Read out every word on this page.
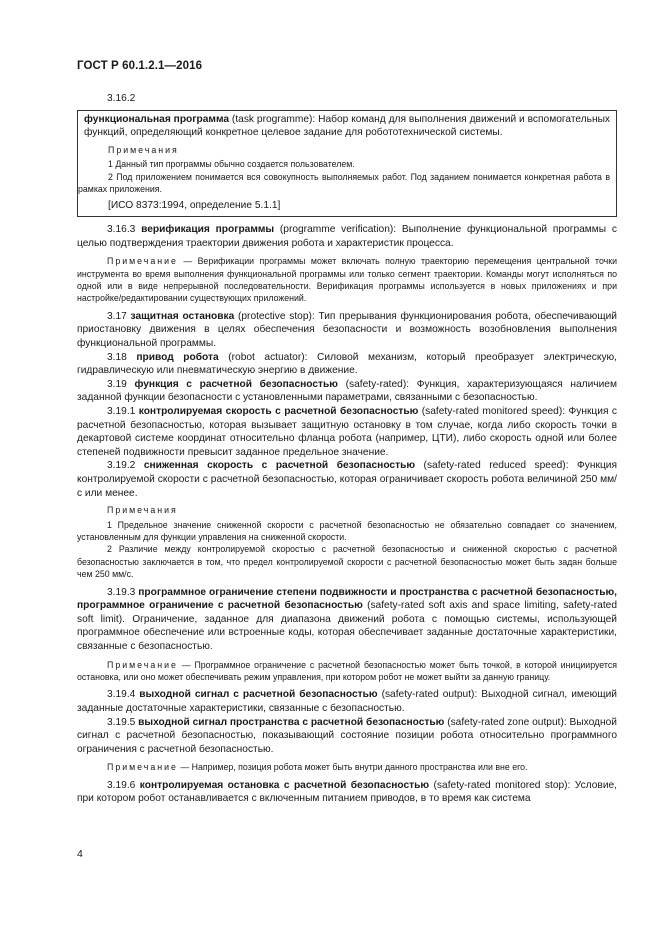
ГОСТ Р 60.1.2.1—2016
3.16.2

функциональная программа (task programme): Набор команд для выполнения движений и вспомогательных функций, определяющий конкретное целевое задание для робототехнической системы.

Примечания

1 Данный тип программы обычно создается пользователем.

2 Под приложением понимается вся совокупность выполняемых работ. Под заданием понимается конкретная работа в рамках приложения.

[ИСО 8373:1994, определение 5.1.1]

3.16.3 верификация программы (programme verification): Выполнение функциональной программы с целью подтверждения траектории движения робота и характеристик процесса.

Примечание — Верификации программы может включать полную траекторию перемещения центральной точки инструмента во время выполнения функциональной программы или только сегмент траектории. Команды могут исполняться по одной или в виде непрерывной последовательности. Верификация программы используется в новых приложениях и при настройке/редактировании существующих приложений.

3.17 защитная остановка (protective stop): Тип прерывания функционирования робота, обеспечивающий приостановку движения в целях обеспечения безопасности и возможность возобновления выполнения функциональной программы.

3.18 привод робота (robot actuator): Силовой механизм, который преобразует электрическую, гидравлическую или пневматическую энергию в движение.

3.19 функция с расчетной безопасностью (safety-rated): Функция, характеризующаяся наличием заданной функции безопасности с установленными параметрами, связанными с безопасностью.

3.19.1 контролируемая скорость с расчетной безопасностью (safety-rated monitored speed): Функция с расчетной безопасностью, которая вызывает защитную остановку в том случае, когда либо скорость точки в декартовой системе координат относительно фланца робота (например, ЦТИ), либо скорость одной или более степеней подвижности превысит заданное предельное значение.

3.19.2 сниженная скорость с расчетной безопасностью (safety-rated reduced speed): Функция контролируемой скорости с расчетной безопасностью, которая ограничивает скорость робота величиной 250 мм/с или менее.

Примечания

1 Предельное значение сниженной скорости с расчетной безопасностью не обязательно совпадает со значением, установленным для функции управления на сниженной скорости.

2 Различие между контролируемой скоростью с расчетной безопасностью и сниженной скоростью с расчетной безопасностью заключается в том, что предел контролируемой скорости с расчетной безопасностью может быть задан больше чем 250 мм/с.

3.19.3 программное ограничение степени подвижности и пространства с расчетной безопасностью, программное ограничение с расчетной безопасностью (safety-rated soft axis and space limiting, safety-rated soft limit). Ограничение, заданное для диапазона движений робота с помощью системы, использующей программное обеспечение или встроенные коды, которая обеспечивает заданные достаточные характеристики, связанные с безопасностью.

Примечание — Программное ограничение с расчетной безопасностью может быть точкой, в которой инициируется остановка, или оно может обеспечивать режим управления, при котором робот не может выйти за данную границу.

3.19.4 выходной сигнал с расчетной безопасностью (safety-rated output): Выходной сигнал, имеющий заданные достаточные характеристики, связанные с безопасностью.

3.19.5 выходной сигнал пространства с расчетной безопасностью (safety-rated zone output): Выходной сигнал с расчетной безопасностью, показывающий состояние позиции робота относительно программного ограничения с расчетной безопасностью.

Примечание — Например, позиция робота может быть внутри данного пространства или вне его.

3.19.6 контролируемая остановка с расчетной безопасностью (safety-rated monitored stop): Условие, при котором робот останавливается с включенным питанием приводов, в то время как система

4
